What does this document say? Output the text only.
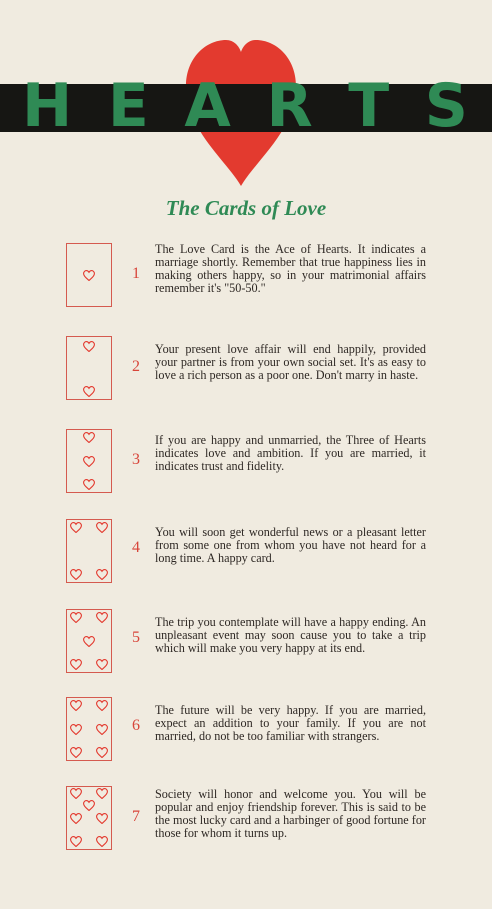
H E A R T S
The Cards of Love
1
The Love Card is the Ace of Hearts. It indicates a marriage shortly. Remember that true happiness lies in making others happy, so in your matrimonial affairs remember it's "50-50."
2
Your present love affair will end happily, provided your partner is from your own social set. It's as easy to love a rich person as a poor one. Don't marry in haste.
3
If you are happy and unmarried, the Three of Hearts indicates love and ambition. If you are married, it indicates trust and fidelity.
4
You will soon get wonderful news or a pleasant letter from some one from whom you have not heard for a long time. A happy card.
5
The trip you contemplate will have a happy ending. An unpleasant event may soon cause you to take a trip which will make you very happy at its end.
6
The future will be very happy. If you are married, expect an addition to your family. If you are not married, do not be too familiar with strangers.
7
Society will honor and welcome you. You will be popular and enjoy friendship forever. This is said to be the most lucky card and a harbinger of good fortune for those for whom it turns up.
